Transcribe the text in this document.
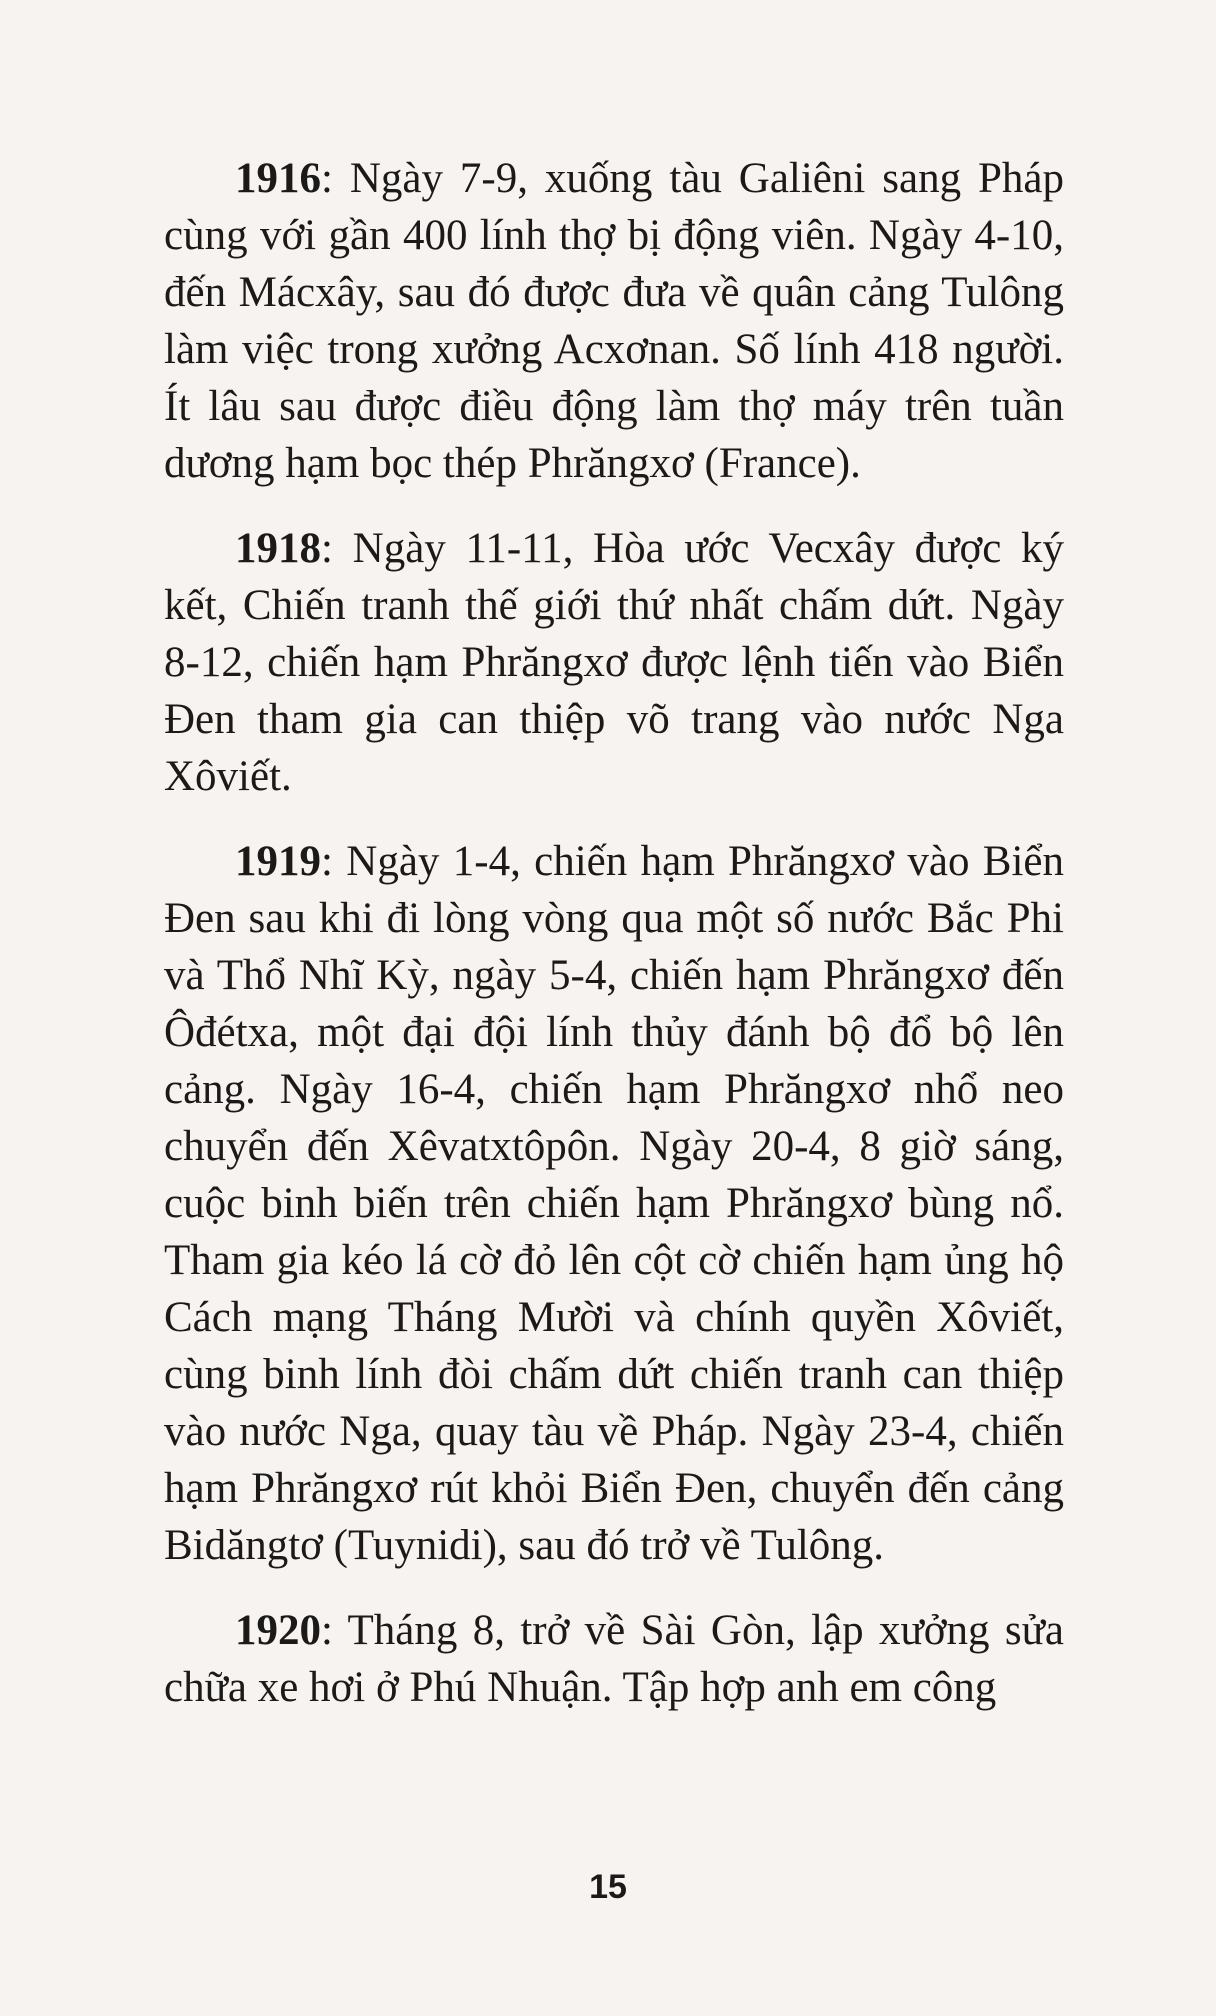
1916: Ngày 7-9, xuống tàu Galiêni sang Pháp cùng với gần 400 lính thợ bị động viên. Ngày 4-10, đến Mácxây, sau đó được đưa về quân cảng Tulông làm việc trong xưởng Acxơnan. Số lính 418 người. Ít lâu sau được điều động làm thợ máy trên tuần dương hạm bọc thép Phrăngxơ (France).

1918: Ngày 11-11, Hòa ước Vecxây được ký kết, Chiến tranh thế giới thứ nhất chấm dứt. Ngày 8-12, chiến hạm Phrăngxơ được lệnh tiến vào Biển Đen tham gia can thiệp võ trang vào nước Nga Xôviết.

1919: Ngày 1-4, chiến hạm Phrăngxơ vào Biển Đen sau khi đi lòng vòng qua một số nước Bắc Phi và Thổ Nhĩ Kỳ, ngày 5-4, chiến hạm Phrăngxơ đến Ôđétxa, một đại đội lính thủy đánh bộ đổ bộ lên cảng. Ngày 16-4, chiến hạm Phrăngxơ nhổ neo chuyển đến Xêvatxtôpôn. Ngày 20-4, 8 giờ sáng, cuộc binh biến trên chiến hạm Phrăngxơ bùng nổ. Tham gia kéo lá cờ đỏ lên cột cờ chiến hạm ủng hộ Cách mạng Tháng Mười và chính quyền Xôviết, cùng binh lính đòi chấm dứt chiến tranh can thiệp vào nước Nga, quay tàu về Pháp. Ngày 23-4, chiến hạm Phrăngxơ rút khỏi Biển Đen, chuyển đến cảng Bidăngtơ (Tuynidi), sau đó trở về Tulông.

1920: Tháng 8, trở về Sài Gòn, lập xưởng sửa chữa xe hơi ở Phú Nhuận. Tập hợp anh em công

15
